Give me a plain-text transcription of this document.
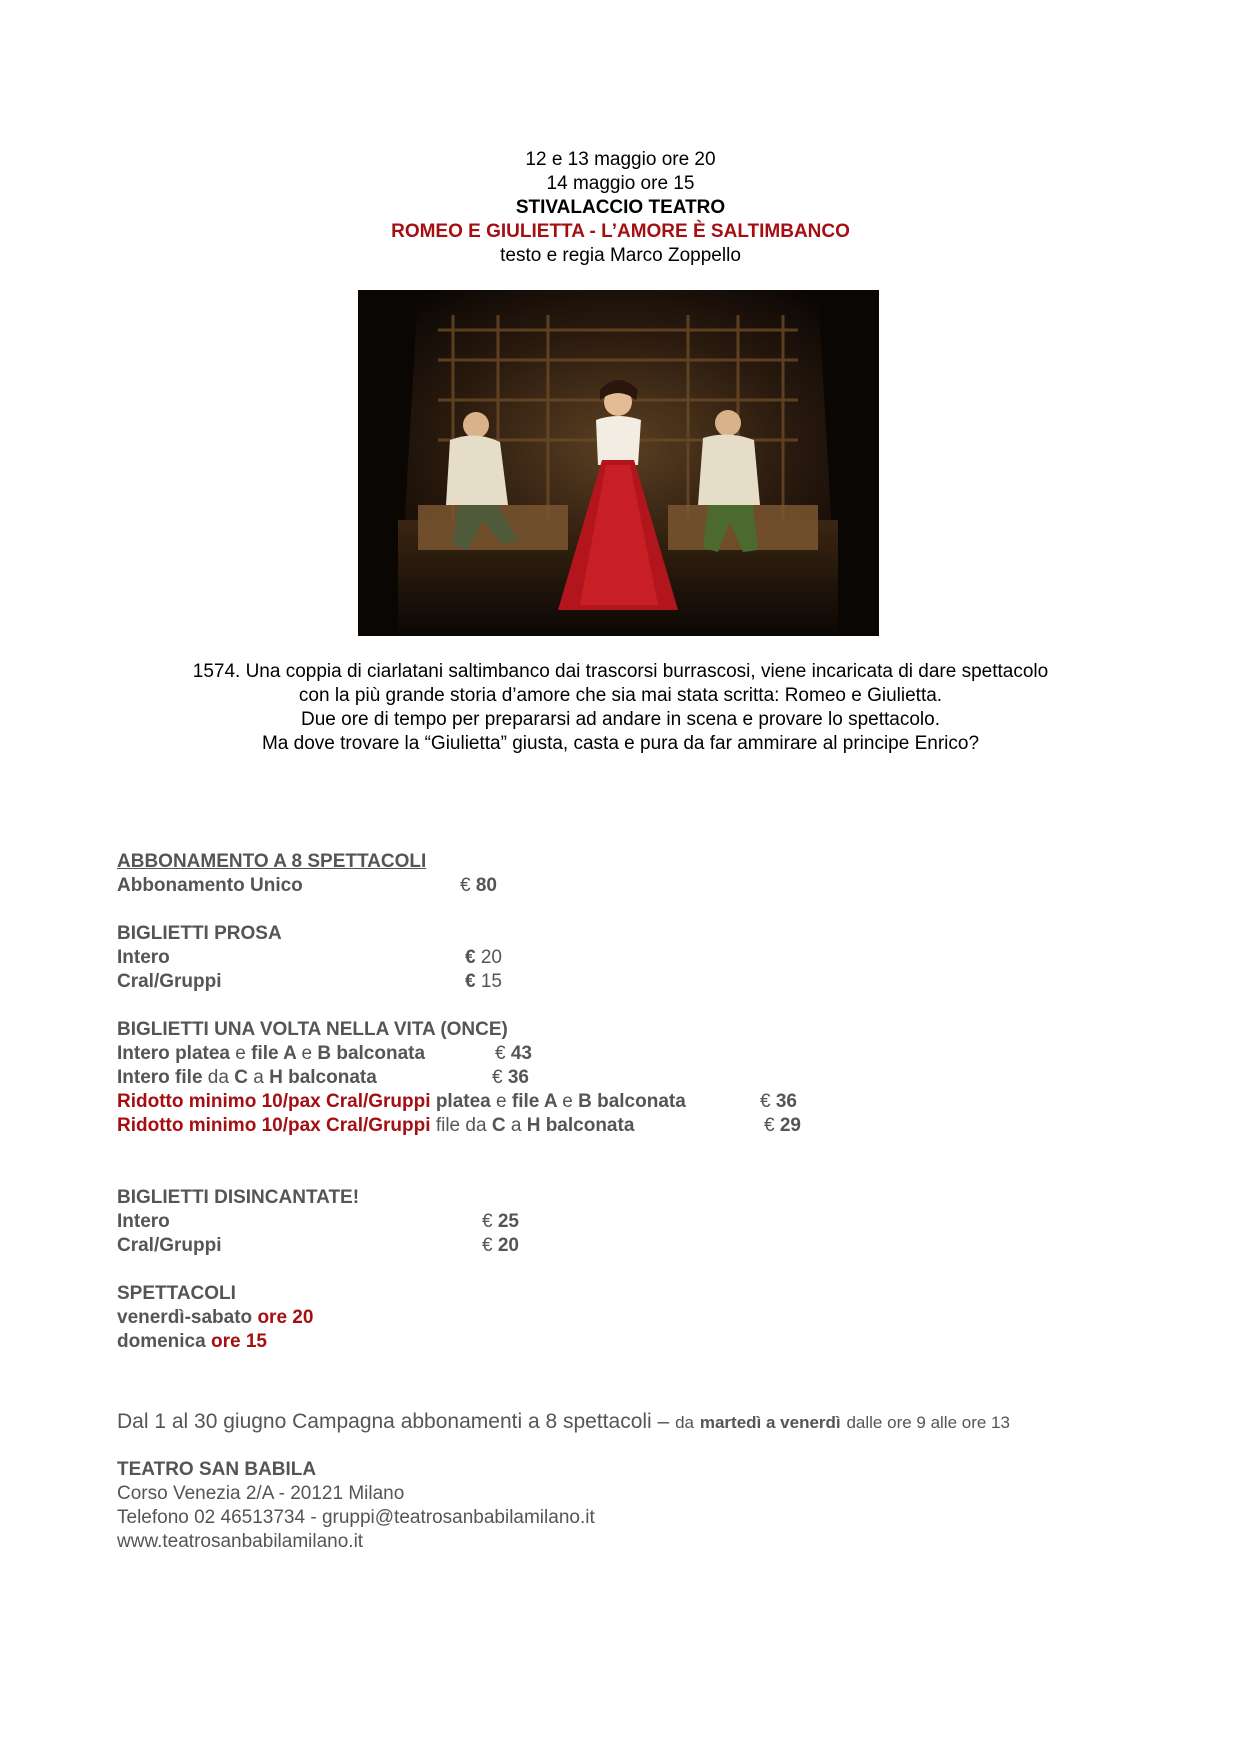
12 e 13 maggio ore 20
14 maggio ore 15
STIVALACCIO TEATRO
ROMEO E GIULIETTA - L’AMORE È SALTIMBANCO
testo e regia Marco Zoppello
1574. Una coppia di ciarlatani saltimbanco dai trascorsi burrascosi, viene incaricata di dare spettacolo
con la più grande storia d’amore che sia mai stata scritta: Romeo e Giulietta.
Due ore di tempo per prepararsi ad andare in scena e provare lo spettacolo.
Ma dove trovare la “Giulietta” giusta, casta e pura da far ammirare al principe Enrico?
ABBONAMENTO A 8 SPETTACOLI
Abbonamento Unico	€ 80
BIGLIETTI PROSA
Intero	€ 20
Cral/Gruppi	€ 15
BIGLIETTI UNA VOLTA NELLA VITA (ONCE)
Intero platea e file A e B balconata	€ 43
Intero file da C a H balconata	€ 36
Ridotto minimo 10/pax Cral/Gruppi platea e file A e B balconata	€ 36
Ridotto minimo 10/pax Cral/Gruppi file da C a H balconata	€ 29
BIGLIETTI DISINCANTATE!
Intero	€ 25
Cral/Gruppi	€ 20
SPETTACOLI
venerdì-sabato ore 20
domenica ore 15
Dal 1 al 30 giugno Campagna abbonamenti a 8 spettacoli – da martedì a venerdì dalle ore 9 alle ore 13
TEATRO SAN BABILA
Corso Venezia 2/A - 20121 Milano
Telefono 02 46513734 - gruppi@teatrosanbabilamilano.it
www.teatrosanbabilamilano.it
